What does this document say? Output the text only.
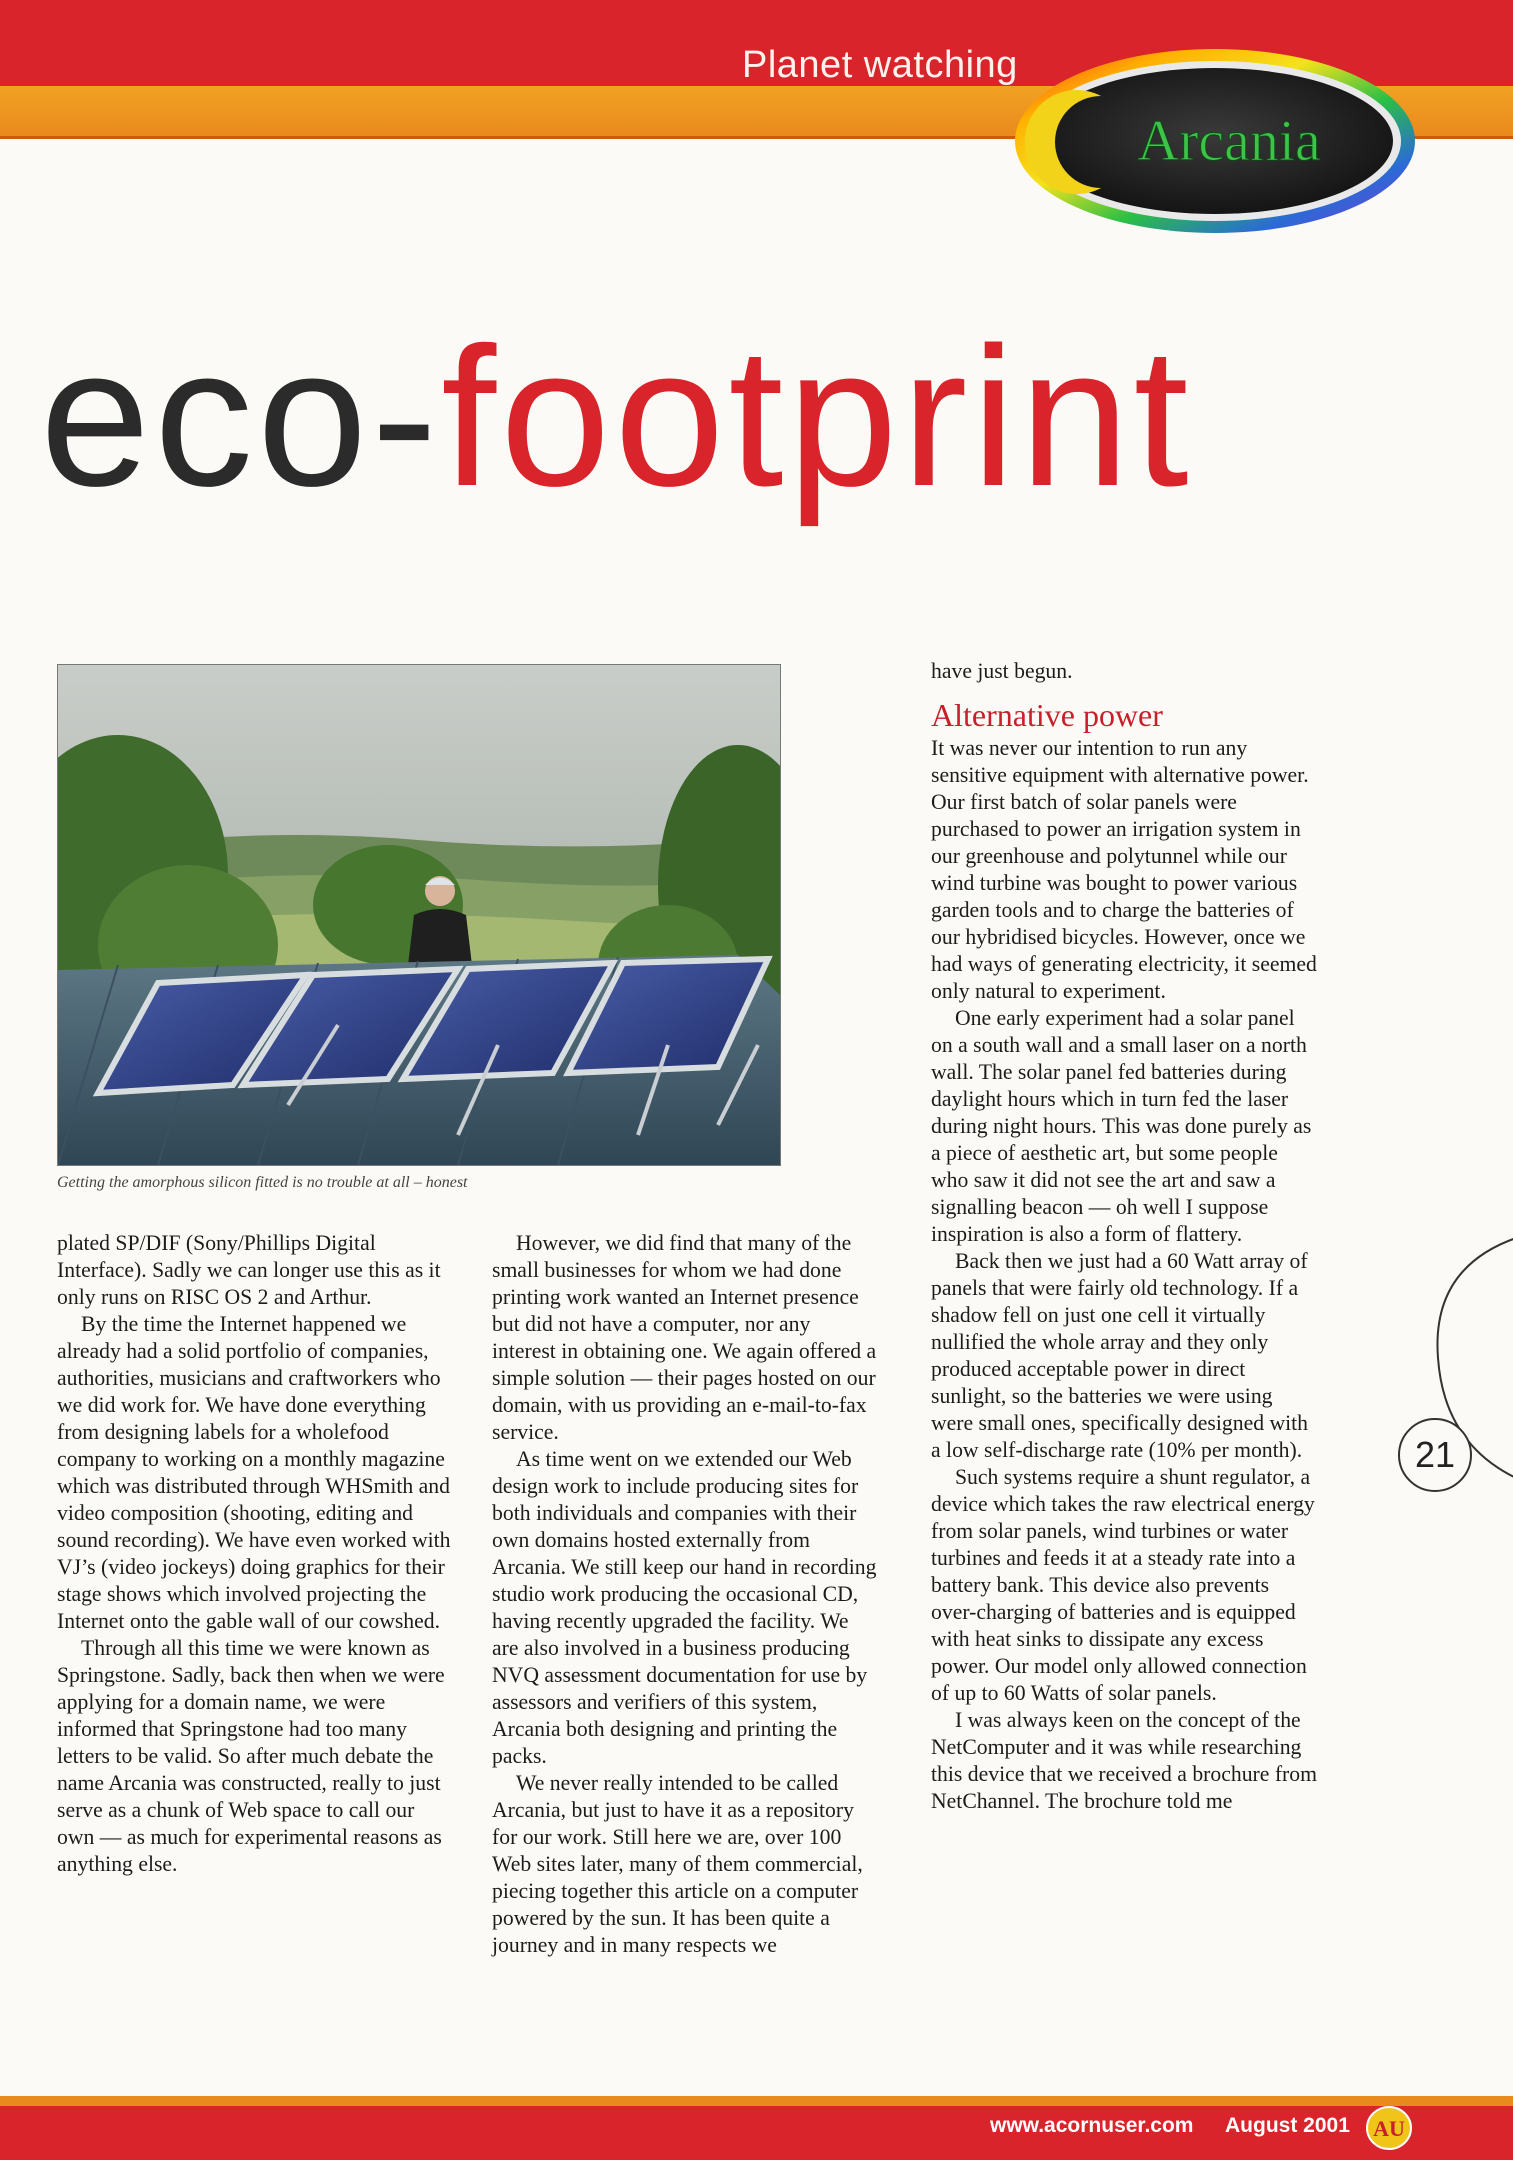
Planet watching
Arcania
eco-footprint
Getting the amorphous silicon fitted is no trouble at all – honest

plated SP/DIF (Sony/Phillips Digital Interface). Sadly we can longer use this as it only runs on RISC OS 2 and Arthur.

By the time the Internet happened we already had a solid portfolio of companies, authorities, musicians and craftworkers who we did work for. We have done everything from designing labels for a wholefood company to working on a monthly magazine which was distributed through WHSmith and video composition (shooting, editing and sound recording). We have even worked with VJ’s (video jockeys) doing graphics for their stage shows which involved projecting the Internet onto the gable wall of our cowshed.

Through all this time we were known as Springstone. Sadly, back then when we were applying for a domain name, we were informed that Springstone had too many letters to be valid. So after much debate the name Arcania was constructed, really to just serve as a chunk of Web space to call our own — as much for experimental reasons as anything else.

However, we did find that many of the small businesses for whom we had done printing work wanted an Internet presence but did not have a computer, nor any interest in obtaining one. We again offered a simple solution — their pages hosted on our domain, with us providing an e-mail-to-fax service.

As time went on we extended our Web design work to include producing sites for both individuals and companies with their own domains hosted externally from Arcania. We still keep our hand in recording studio work producing the occasional CD, having recently upgraded the facility. We are also involved in a business producing NVQ assessment documentation for use by assessors and verifiers of this system, Arcania both designing and printing the packs.

We never really intended to be called Arcania, but just to have it as a repository for our work. Still here we are, over 100 Web sites later, many of them commercial, piecing together this article on a computer powered by the sun. It has been quite a journey and in many respects we

have just begun.

Alternative power

It was never our intention to run any sensitive equipment with alternative power. Our first batch of solar panels were purchased to power an irrigation system in our greenhouse and polytunnel while our wind turbine was bought to power various garden tools and to charge the batteries of our hybridised bicycles. However, once we had ways of generating electricity, it seemed only natural to experiment.

One early experiment had a solar panel on a south wall and a small laser on a north wall. The solar panel fed batteries during daylight hours which in turn fed the laser during night hours. This was done purely as a piece of aesthetic art, but some people who saw it did not see the art and saw a signalling beacon — oh well I suppose inspiration is also a form of flattery.

Back then we just had a 60 Watt array of panels that were fairly old technology. If a shadow fell on just one cell it virtually nullified the whole array and they only produced acceptable power in direct sunlight, so the batteries we were using were small ones, specifically designed with a low self-discharge rate (10% per month).

Such systems require a shunt regulator, a device which takes the raw electrical energy from solar panels, wind turbines or water turbines and feeds it at a steady rate into a battery bank. This device also prevents over-charging of batteries and is equipped with heat sinks to dissipate any excess power. Our model only allowed connection of up to 60 Watts of solar panels.

I was always keen on the concept of the NetComputer and it was while researching this device that we received a brochure from NetChannel. The brochure told me

21
www.acornuser.com August 2001 AU
